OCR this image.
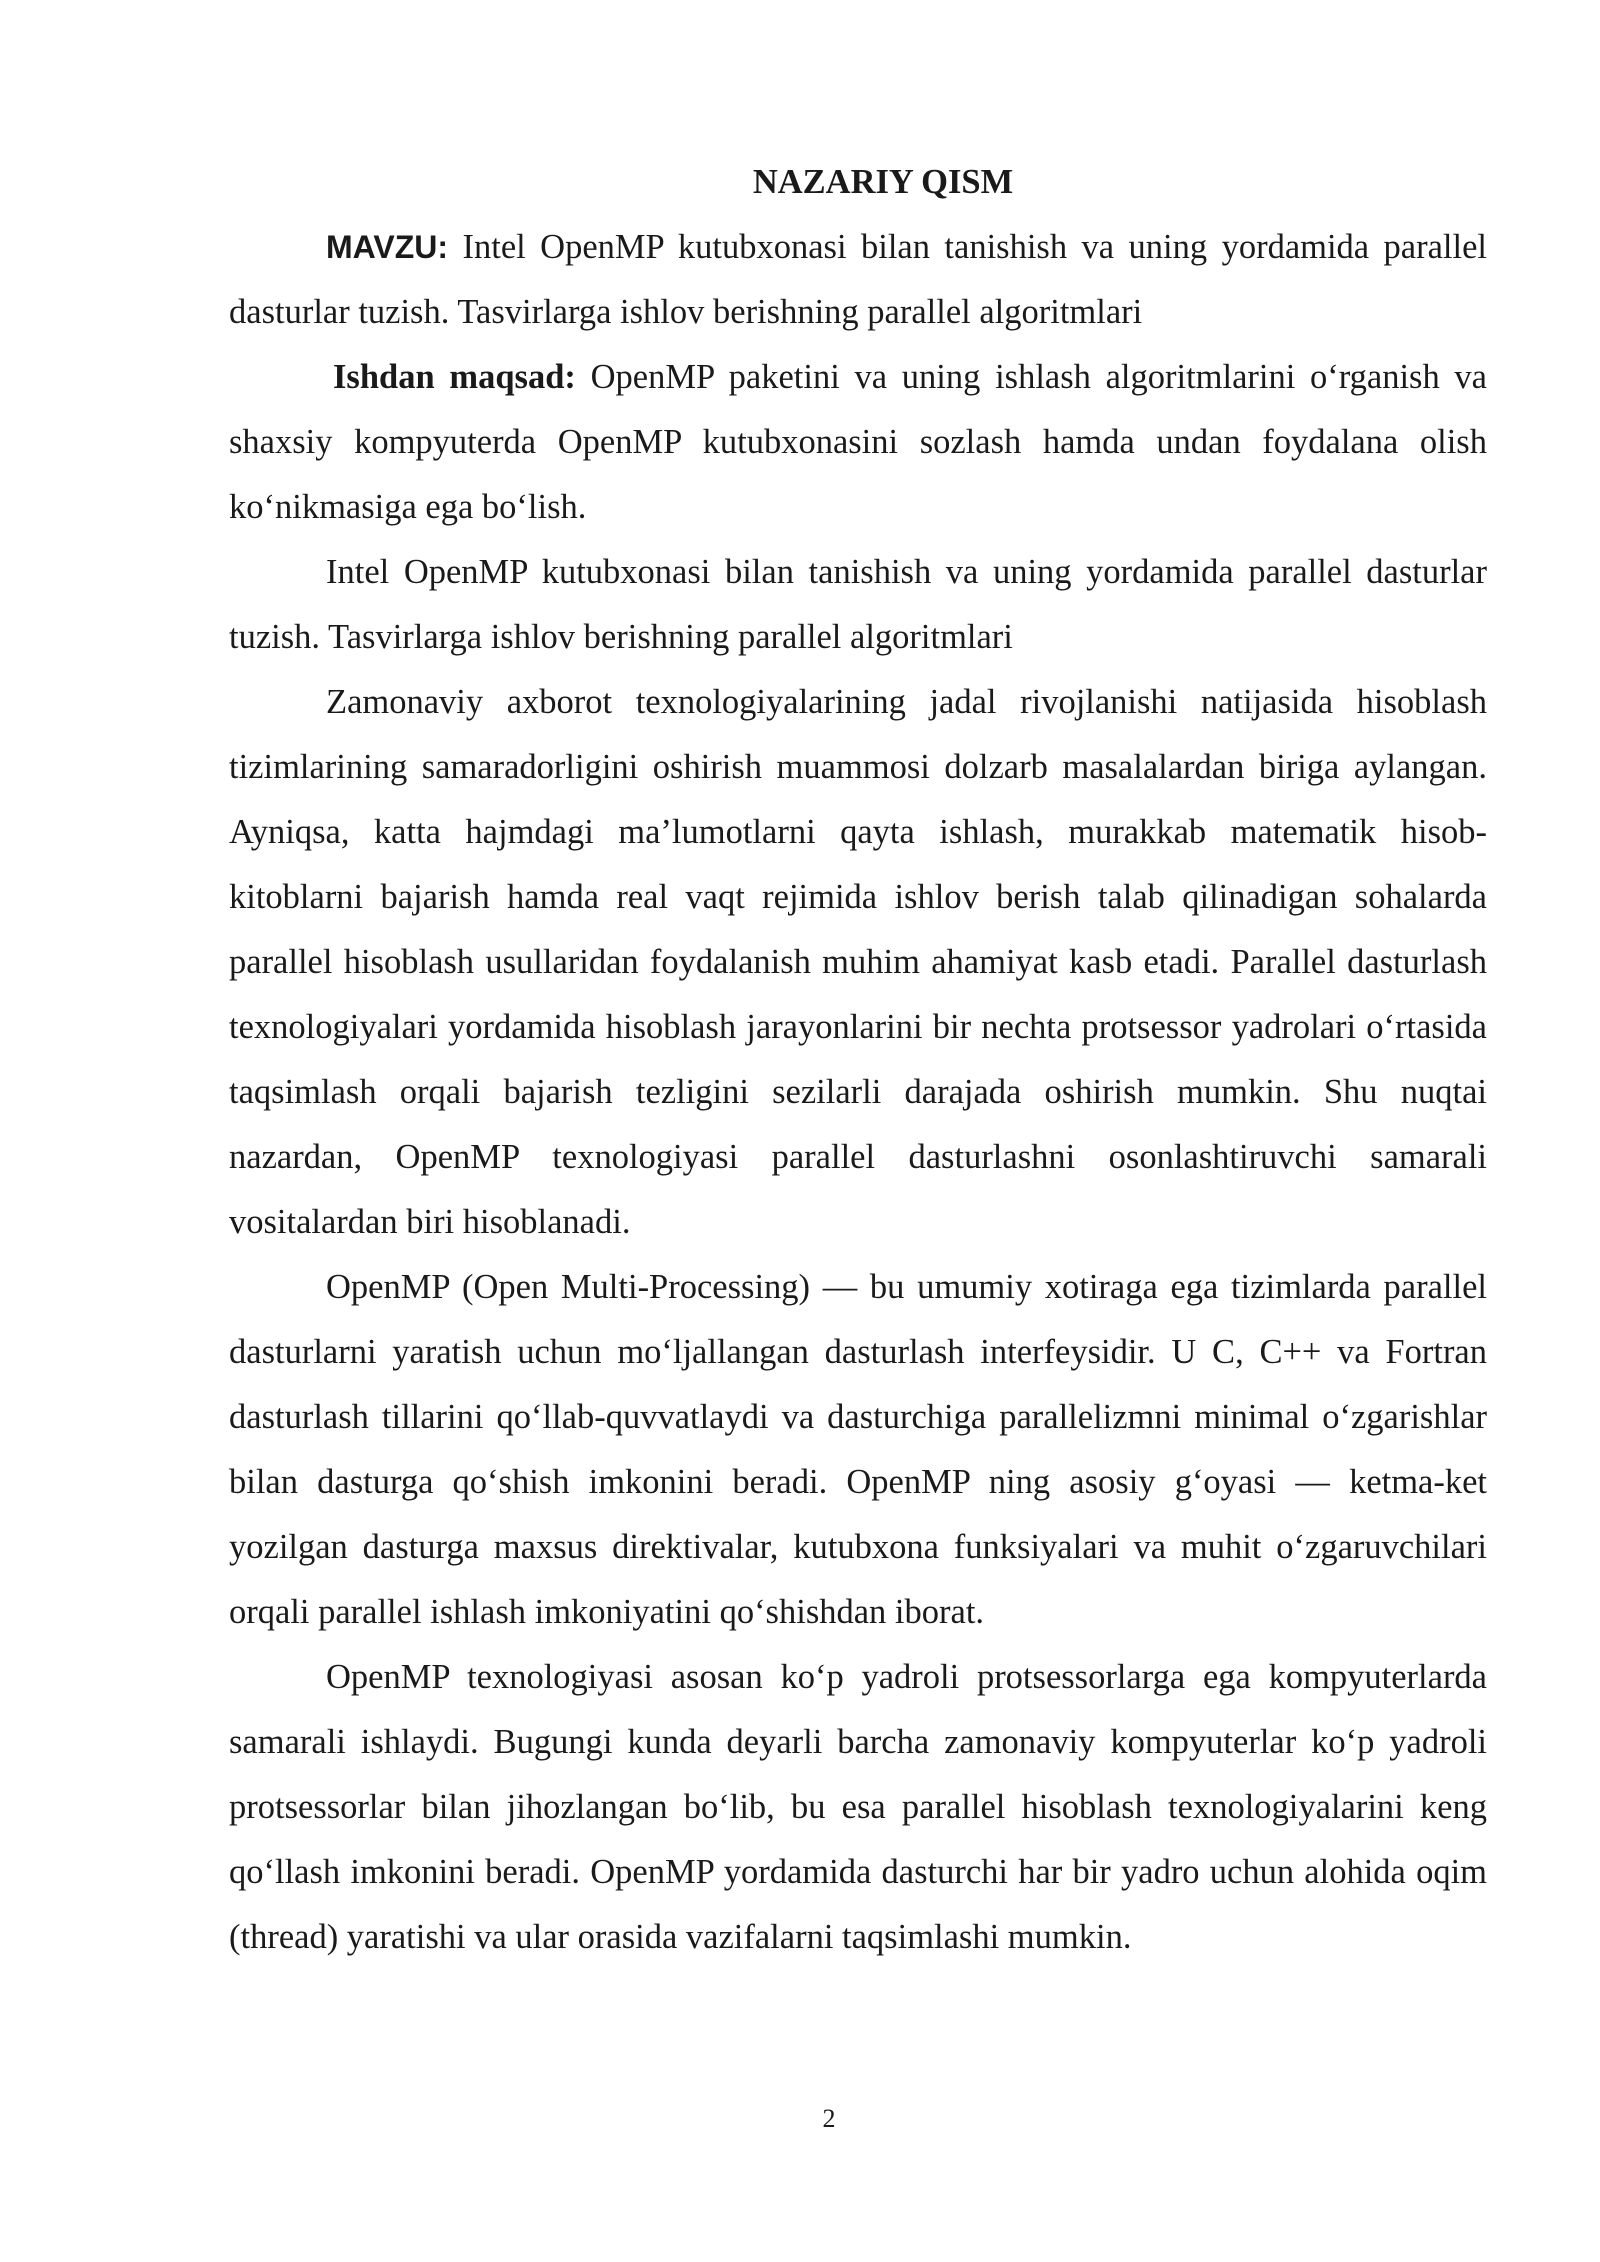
NAZARIY QISM

MAVZU: Intel OpenMP kutubxonasi bilan tanishish va uning yordamida parallel dasturlar tuzish. Tasvirlarga ishlov berishning parallel algoritmlari

Ishdan maqsad: OpenMP paketini va uning ishlash algoritmlarini o‘rganish va shaxsiy kompyuterda OpenMP kutubxonasini sozlash hamda undan foydalana olish ko‘nikmasiga ega bo‘lish.

Intel OpenMP kutubxonasi bilan tanishish va uning yordamida parallel dasturlar tuzish. Tasvirlarga ishlov berishning parallel algoritmlari

Zamonaviy axborot texnologiyalarining jadal rivojlanishi natijasida hisoblash tizimlarining samaradorligini oshirish muammosi dolzarb masalalardan biriga aylangan. Ayniqsa, katta hajmdagi ma’lumotlarni qayta ishlash, murakkab matematik hisob-kitoblarni bajarish hamda real vaqt rejimida ishlov berish talab qilinadigan sohalarda parallel hisoblash usullaridan foydalanish muhim ahamiyat kasb etadi. Parallel dasturlash texnologiyalari yordamida hisoblash jarayonlarini bir nechta protsessor yadrolari o‘rtasida taqsimlash orqali bajarish tezligini sezilarli darajada oshirish mumkin. Shu nuqtai nazardan, OpenMP texnologiyasi parallel dasturlashni osonlashtiruvchi samarali vositalardan biri hisoblanadi.

OpenMP (Open Multi-Processing) — bu umumiy xotiraga ega tizimlarda parallel dasturlarni yaratish uchun mo‘ljallangan dasturlash interfeysidir. U C, C++ va Fortran dasturlash tillarini qo‘llab-quvvatlaydi va dasturchiga parallelizmni minimal o‘zgarishlar bilan dasturga qo‘shish imkonini beradi. OpenMP ning asosiy g‘oyasi — ketma-ket yozilgan dasturga maxsus direktivalar, kutubxona funksiyalari va muhit o‘zgaruvchilari orqali parallel ishlash imkoniyatini qo‘shishdan iborat.

OpenMP texnologiyasi asosan ko‘p yadroli protsessorlarga ega kompyuterlarda samarali ishlaydi. Bugungi kunda deyarli barcha zamonaviy kompyuterlar ko‘p yadroli protsessorlar bilan jihozlangan bo‘lib, bu esa parallel hisoblash texnologiyalarini keng qo‘llash imkonini beradi. OpenMP yordamida dasturchi har bir yadro uchun alohida oqim (thread) yaratishi va ular orasida vazifalarni taqsimlashi mumkin.

2
